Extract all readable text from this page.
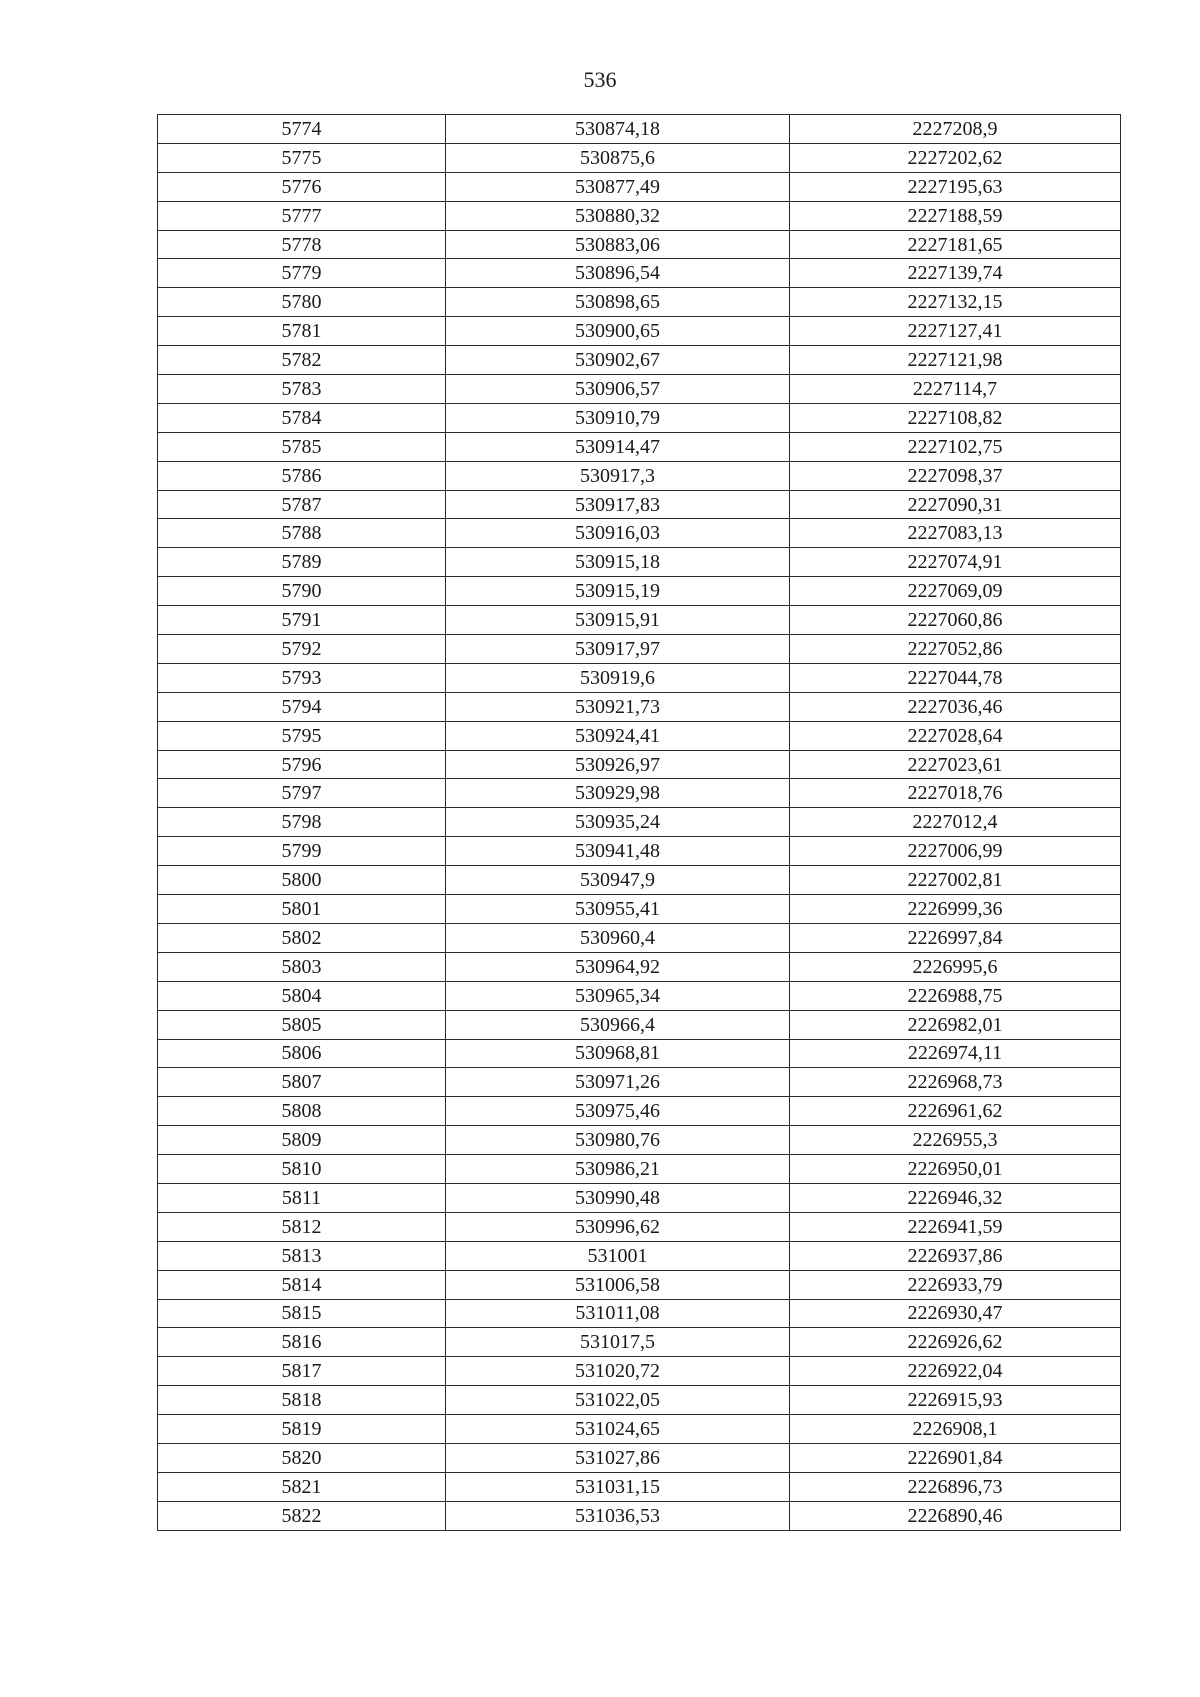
536
5774	530874,18	2227208,9
5775	530875,6	2227202,62
5776	530877,49	2227195,63
5777	530880,32	2227188,59
5778	530883,06	2227181,65
5779	530896,54	2227139,74
5780	530898,65	2227132,15
5781	530900,65	2227127,41
5782	530902,67	2227121,98
5783	530906,57	2227114,7
5784	530910,79	2227108,82
5785	530914,47	2227102,75
5786	530917,3	2227098,37
5787	530917,83	2227090,31
5788	530916,03	2227083,13
5789	530915,18	2227074,91
5790	530915,19	2227069,09
5791	530915,91	2227060,86
5792	530917,97	2227052,86
5793	530919,6	2227044,78
5794	530921,73	2227036,46
5795	530924,41	2227028,64
5796	530926,97	2227023,61
5797	530929,98	2227018,76
5798	530935,24	2227012,4
5799	530941,48	2227006,99
5800	530947,9	2227002,81
5801	530955,41	2226999,36
5802	530960,4	2226997,84
5803	530964,92	2226995,6
5804	530965,34	2226988,75
5805	530966,4	2226982,01
5806	530968,81	2226974,11
5807	530971,26	2226968,73
5808	530975,46	2226961,62
5809	530980,76	2226955,3
5810	530986,21	2226950,01
5811	530990,48	2226946,32
5812	530996,62	2226941,59
5813	531001	2226937,86
5814	531006,58	2226933,79
5815	531011,08	2226930,47
5816	531017,5	2226926,62
5817	531020,72	2226922,04
5818	531022,05	2226915,93
5819	531024,65	2226908,1
5820	531027,86	2226901,84
5821	531031,15	2226896,73
5822	531036,53	2226890,46
